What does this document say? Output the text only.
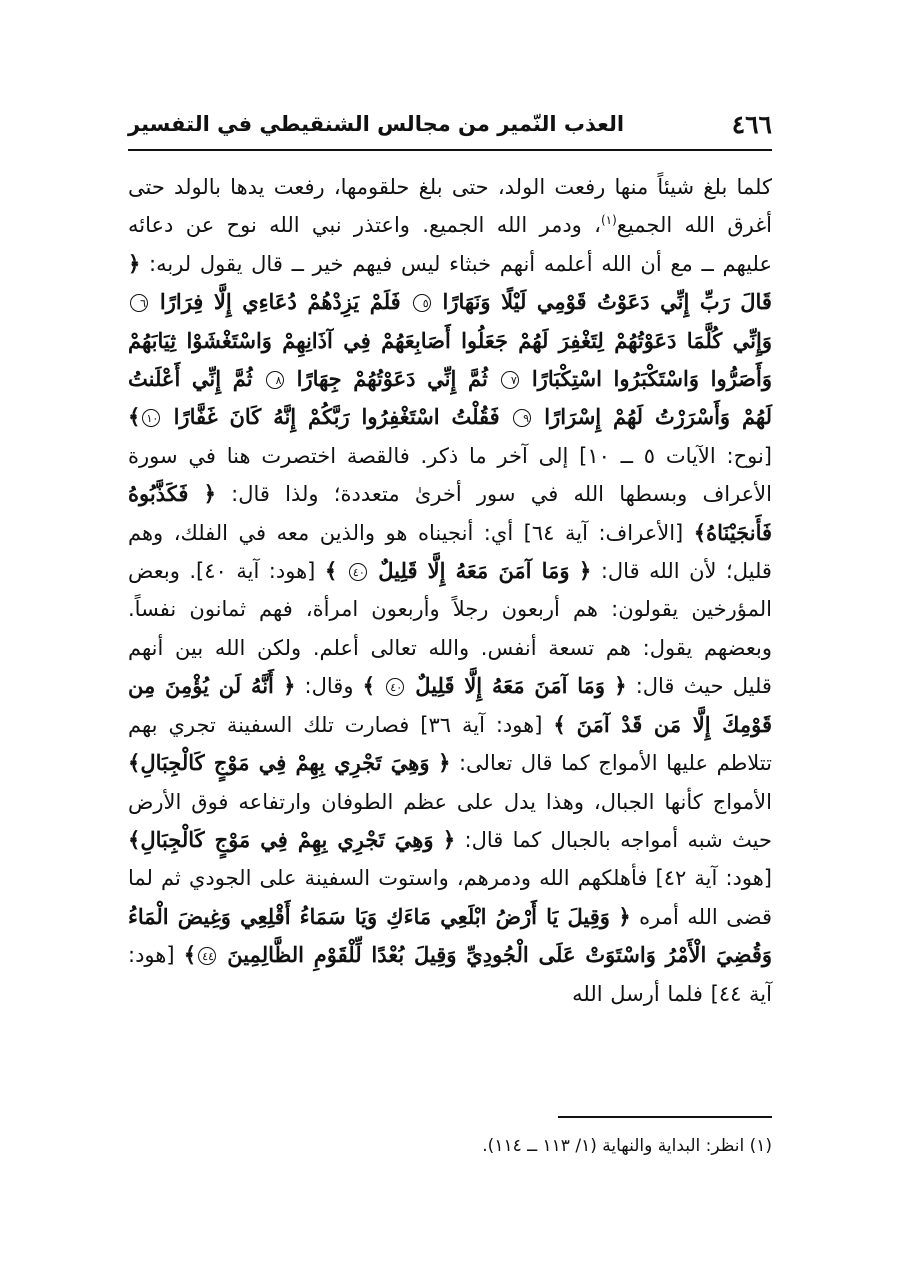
٤٦٦
العذب النّمير من مجالس الشنقيطي في التفسير
كلما بلغ شيئاً منها رفعت الولد، حتى بلغ حلقومها، رفعت يدها بالولد حتى أغرق الله الجميع$^{(١)}$، ودمر الله الجميع. واعتذر نبي الله نوح عن دعائه عليهم ــ مع أن الله أعلمه أنهم خبثاء ليس فيهم خير ــ قال يقول لربه: ﴿ قَالَ رَبِّ إِنِّي دَعَوْتُ قَوْمِي لَيْلًا وَنَهَارًا ٥ فَلَمْ يَزِدْهُمْ دُعَاءِي إِلَّا فِرَارًا ٦ وَإِنِّي كُلَّمَا دَعَوْتُهُمْ لِتَغْفِرَ لَهُمْ جَعَلُوا أَصَابِعَهُمْ فِي آذَانِهِمْ وَاسْتَغْشَوْا ثِيَابَهُمْ وَأَصَرُّوا وَاسْتَكْبَرُوا اسْتِكْبَارًا ٧ ثُمَّ إِنِّي دَعَوْتُهُمْ جِهَارًا ٨ ثُمَّ إِنِّي أَعْلَنتُ لَهُمْ وَأَسْرَرْتُ لَهُمْ إِسْرَارًا ٩ فَقُلْتُ اسْتَغْفِرُوا رَبَّكُمْ إِنَّهُ كَانَ غَفَّارًا ١٠﴾ [نوح: الآيات ٥ ــ ١٠] إلى آخر ما ذكر. فالقصة اختصرت هنا في سورة الأعراف وبسطها الله في سور أخرىٰ متعددة؛ ولذا قال: ﴿ فَكَذَّبُوهُ فَأَنجَيْنَاهُ﴾ [الأعراف: آية ٦٤] أي: أنجيناه هو والذين معه في الفلك، وهم قليل؛ لأن الله قال: ﴿ وَمَا آمَنَ مَعَهُ إِلَّا قَلِيلٌ ٤٠ ﴾ [هود: آية ٤٠]. وبعض المؤرخين يقولون: هم أربعون رجلاً وأربعون امرأة، فهم ثمانون نفساً. وبعضهم يقول: هم تسعة أنفس. والله تعالى أعلم. ولكن الله بين أنهم قليل حيث قال: ﴿ وَمَا آمَنَ مَعَهُ إِلَّا قَلِيلٌ ٤٠ ﴾ وقال: ﴿ أَنَّهُ لَن يُؤْمِنَ مِن قَوْمِكَ إِلَّا مَن قَدْ آمَنَ ﴾ [هود: آية ٣٦] فصارت تلك السفينة تجري بهم تتلاطم عليها الأمواج كما قال تعالى: ﴿ وَهِيَ تَجْرِي بِهِمْ فِي مَوْجٍ كَالْجِبَالِ﴾ الأمواج كأنها الجبال، وهذا يدل على عظم الطوفان وارتفاعه فوق الأرض حيث شبه أمواجه بالجبال كما قال: ﴿ وَهِيَ تَجْرِي بِهِمْ فِي مَوْجٍ كَالْجِبَالِ﴾ [هود: آية ٤٢] فأهلكهم الله ودمرهم، واستوت السفينة على الجودي ثم لما قضى الله أمره ﴿ وَقِيلَ يَا أَرْضُ ابْلَعِي مَاءَكِ وَيَا سَمَاءُ أَقْلِعِي وَغِيضَ الْمَاءُ وَقُضِيَ الْأَمْرُ وَاسْتَوَتْ عَلَى الْجُودِيِّ وَقِيلَ بُعْدًا لِّلْقَوْمِ الظَّالِمِينَ ٤٤﴾ [هود: آية ٤٤] فلما أرسل الله
(١) انظر: البداية والنهاية (١/ ١١٣ ــ ١١٤).
